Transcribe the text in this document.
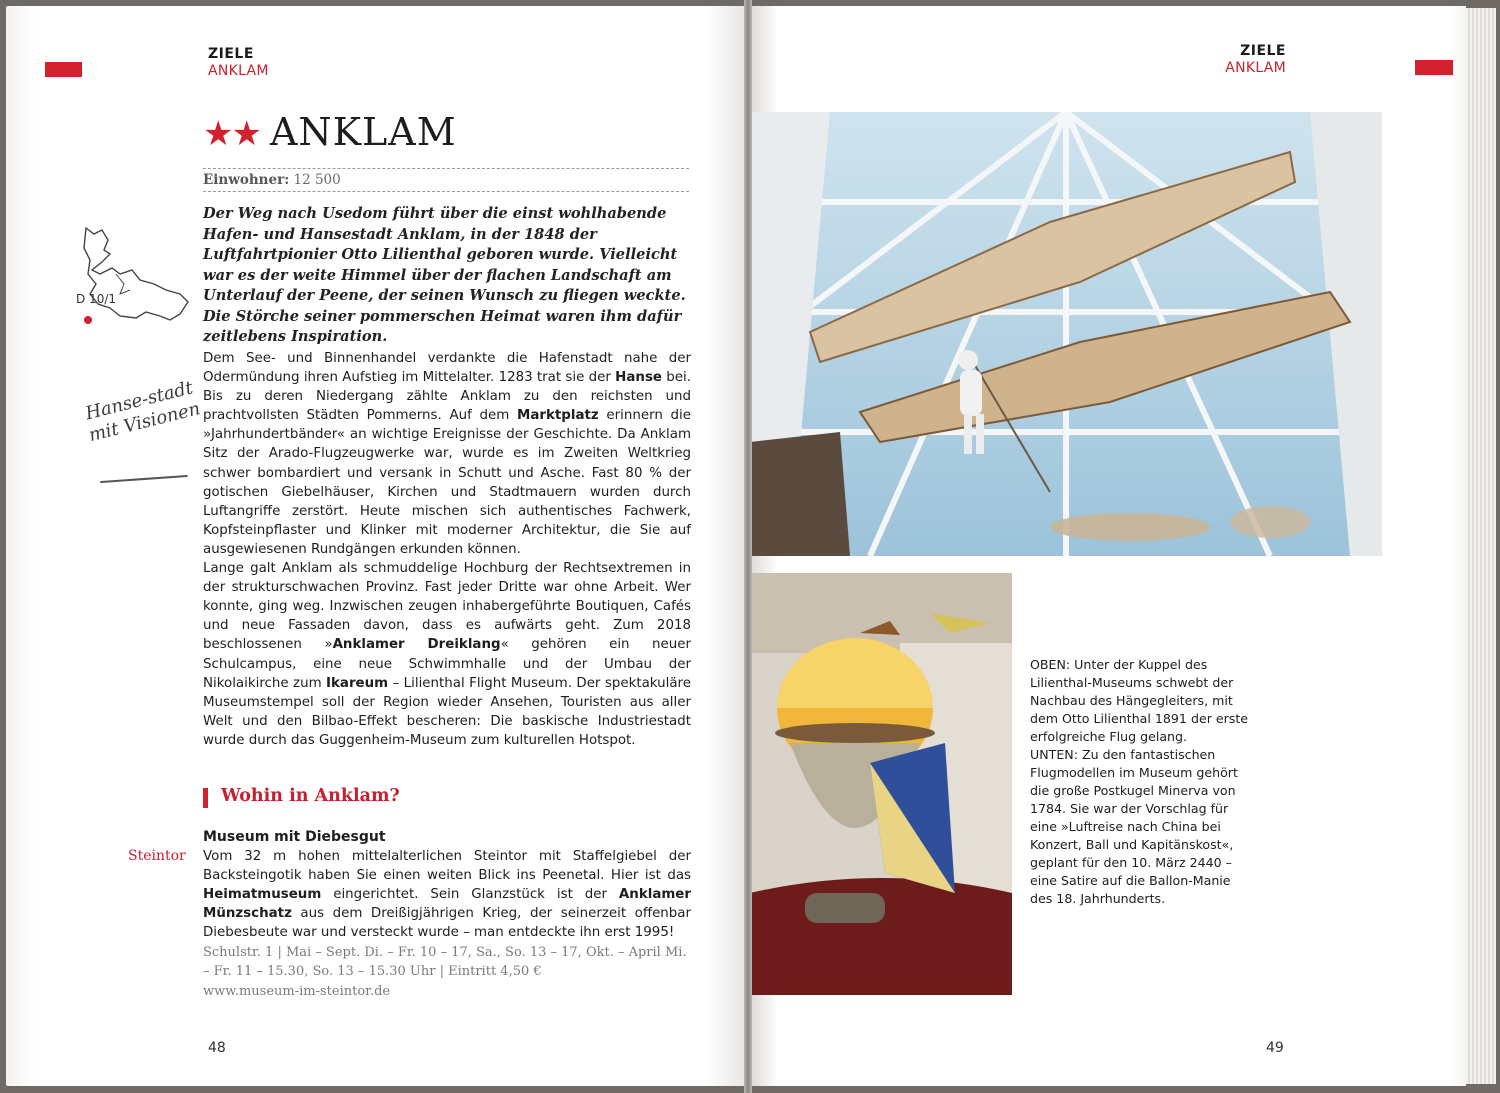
ZIELE
ANKLAM
★★ ANKLAM
Einwohner: 12 500
D 10/1
Der Weg nach Usedom führt über die einst wohlhabende Hafen- und Hansestadt Anklam, in der 1848 der Luftfahrtpionier Otto Lilienthal geboren wurde. Vielleicht war es der weite Himmel über der flachen Landschaft am Unterlauf der Peene, der seinen Wunsch zu fliegen weckte. Die Störche seiner pommerschen Heimat waren ihm dafür zeitlebens Inspiration.
Hanse-stadt mit Visionen

Dem See- und Binnenhandel verdankte die Hafenstadt nahe der Odermündung ihren Aufstieg im Mittelalter. 1283 trat sie der Hanse bei. Bis zu deren Niedergang zählte Anklam zu den reichsten und prachtvollsten Städten Pommerns. Auf dem Marktplatz erinnern die »Jahrhundertbänder« an wichtige Ereignisse der Geschichte. Da Anklam Sitz der Arado-Flugzeugwerke war, wurde es im Zweiten Weltkrieg schwer bombardiert und versank in Schutt und Asche. Fast 80 % der gotischen Giebelhäuser, Kirchen und Stadtmauern wurden durch Luftangriffe zerstört. Heute mischen sich authentisches Fachwerk, Kopfsteinpflaster und Klinker mit moderner Architektur, die Sie auf ausgewiesenen Rundgängen erkunden können.

Lange galt Anklam als schmuddelige Hochburg der Rechtsextremen in der strukturschwachen Provinz. Fast jeder Dritte war ohne Arbeit. Wer konnte, ging weg. Inzwischen zeugen inhabergeführte Boutiquen, Cafés und neue Fassaden davon, dass es aufwärts geht. Zum 2018 beschlossenen »Anklamer Dreiklang« gehören ein neuer Schulcampus, eine neue Schwimmhalle und der Umbau der Nikolaikirche zum Ikareum – Lilienthal Flight Museum. Der spektakuläre Museumstempel soll der Region wieder Ansehen, Touristen aus aller Welt und den Bilbao-Effekt bescheren: Die baskische Industriestadt wurde durch das Guggenheim-Museum zum kulturellen Hotspot.

Wohin in Anklam?
Steintor
Museum mit Diebesgut
Vom 32 m hohen mittelalterlichen Steintor mit Staffelgiebel der Backsteingotik haben Sie einen weiten Blick ins Peenetal. Hier ist das Heimatmuseum eingerichtet. Sein Glanzstück ist der Anklamer Münzschatz aus dem Dreißigjährigen Krieg, der seinerzeit offenbar Diebesbeute war und versteckt wurde – man entdeckte ihn erst 1995!
Schulstr. 1 | Mai – Sept. Di. – Fr. 10 – 17, Sa., So. 13 – 17, Okt. – April Mi. – Fr. 11 – 15.30, So. 13 – 15.30 Uhr | Eintritt 4,50 €
www.museum-im-steintor.de
48
ZIELE
ANKLAM

OBEN: Unter der Kuppel des Lilienthal-Museums schwebt der Nachbau des Hängegleiters, mit dem Otto Lilienthal 1891 der erste erfolgreiche Flug gelang.

UNTEN: Zu den fantastischen Flugmodellen im Museum gehört die große Postkugel Minerva von 1784. Sie war der Vorschlag für eine »Luftreise nach China bei Konzert, Ball und Kapitänskost«, geplant für den 10. März 2440 – eine Satire auf die Ballon-Manie des 18. Jahrhunderts.

49
